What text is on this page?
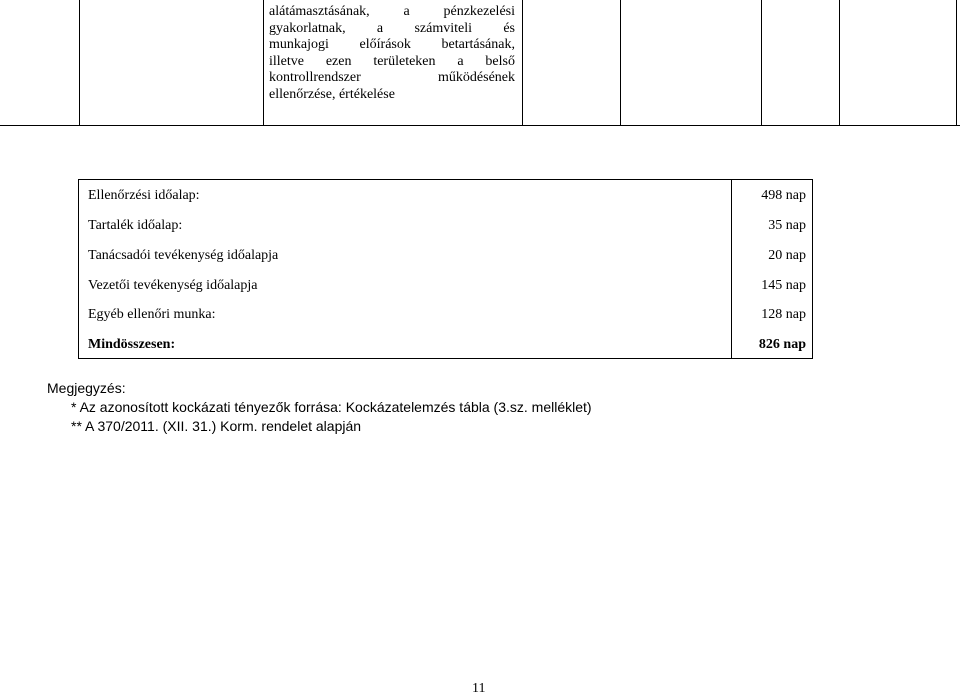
alátámasztásának, a pénzkezelési
gyakorlatnak, a számviteli és
munkajogi előírások betartásának,
illetve ezen területeken a belső
kontrollrendszer működésének
ellenőrzése, értékelése
Ellenőrzési időalap:	498 nap
Tartalék időalap:	35 nap
Tanácsadói tevékenység időalapja	20 nap
Vezetői tevékenység időalapja	145 nap
Egyéb ellenőri munka:	128 nap
Mindösszesen:	826 nap
Megjegyzés:
* Az azonosított kockázati tényezők forrása: Kockázatelemzés tábla (3.sz. melléklet)
** A 370/2011. (XII. 31.) Korm. rendelet alapján
11
